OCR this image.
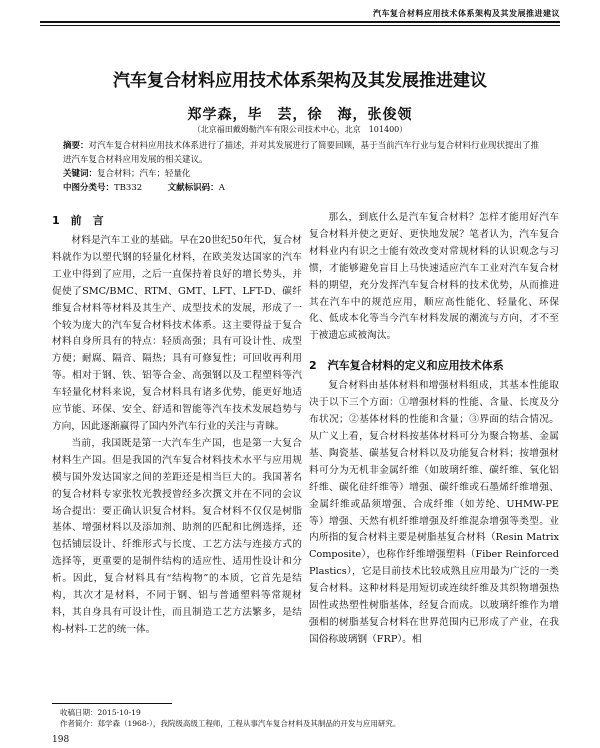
汽车复合材料应用技术体系架构及其发展推进建议
汽车复合材料应用技术体系架构及其发展推进建议
郑学森，毕　芸，徐　海，张俊领
（北京福田戴姆勒汽车有限公司技术中心，北京　101400）

摘要：对汽车复合材料应用技术体系进行了描述，并对其发展进行了简要回顾，基于当前汽车行业与复合材料行业现状提出了推进汽车复合材料应用发展的相关建议。

关键词：复合材料；汽车；轻量化

中图分类号：TB332　　　	文献标识码：A

1　前　言

材料是汽车工业的基础。早在20世纪50年代，复合材料就作为以塑代钢的轻量化材料，在欧美发达国家的汽车工业中得到了应用，之后一直保持着良好的增长势头，并促使了SMC/BMC、RTM、GMT、LFT、LFT-D、碳纤维复合材料等材料及其生产、成型技术的发展，形成了一个较为庞大的汽车复合材料技术体系。这主要得益于复合材料自身所具有的特点：轻质高强；具有可设计性、成型方便；耐腐、隔音、隔热；具有可修复性；可回收再利用等。相对于钢、铁、铝等合金、高强钢以及工程塑料等汽车轻量化材料来说，复合材料具有诸多优势，能更好地适应节能、环保、安全、舒适和智能等汽车技术发展趋势与方向，因此逐渐赢得了国内外汽车行业的关注与青睐。

当前，我国既是第一大汽车生产国，也是第一大复合材料生产国。但是我国的汽车复合材料技术水平与应用规模与国外发达国家之间的差距还是相当巨大的。我国著名的复合材料专家张牧光教授曾经多次撰文并在不同的会议场合提出：要正确认识复合材料。复合材料不仅仅是树脂基体、增强材料以及添加剂、助剂的匹配和比例选择，还包括铺层设计、纤维形式与长度、工艺方法与连接方式的选择等，更重要的是制件结构的适应性、适用性设计和分析。因此，复合材料具有“结构物”的本质，它首先是结构，其次才是材料，不同于钢、铝与普通塑料等常规材料，其自身具有可设计性，而且制造工艺方法繁多，是结构-材料-工艺的统一体。

那么，到底什么是汽车复合材料？怎样才能用好汽车复合材料并使之更好、更快地发展？笔者认为，汽车复合材料业内有识之士能有效改变对常规材料的认识观念与习惯，才能够避免盲目上马快速适应汽车工业对汽车复合材料的期望，充分发挥汽车复合材料的技术优势，从而推进其在汽车中的规范应用，顺应高性能化、轻量化、环保化、低成本化等当今汽车材料发展的潮流与方向，才不至于被遗忘或被淘汰。

2　汽车复合材料的定义和应用技术体系

复合材料由基体材料和增强材料组成，其基本性能取决于以下三个方面：①增强材料的性能、含量、长度及分布状况；②基体材料的性能和含量；③界面的结合情况。从广义上看，复合材料按基体材料可分为聚合物基、金属基、陶瓷基、碳基复合材料以及功能复合材料；按增强材料可分为无机非金属纤维（如玻璃纤维、碳纤维、氧化铝纤维、碳化硅纤维等）增强、碳纤维或石墨烯纤维增强、金属纤维或晶须增强、合成纤维（如芳纶、UHMW-PE等）增强、天然有机纤维增强及纤维混杂增强等类型。业内所指的复合材料主要是树脂基复合材料（Resin Matrix Composite），也称作纤维增强塑料（Fiber Reinforced Plastics），它是目前技术比较成熟且应用最为广泛的一类复合材料。这种材料是用短切或连续纤维及其织物增强热固性或热塑性树脂基体，经复合而成。以玻璃纤维作为增强相的树脂基复合材料在世界范围内已形成了产业，在我国俗称玻璃钢（FRP）。相

收稿日期：2015-10-19

作者简介：郑学森（1968-），我院级高级工程师，工程从事汽车复合材料及其制品的开发与应用研究。

198
